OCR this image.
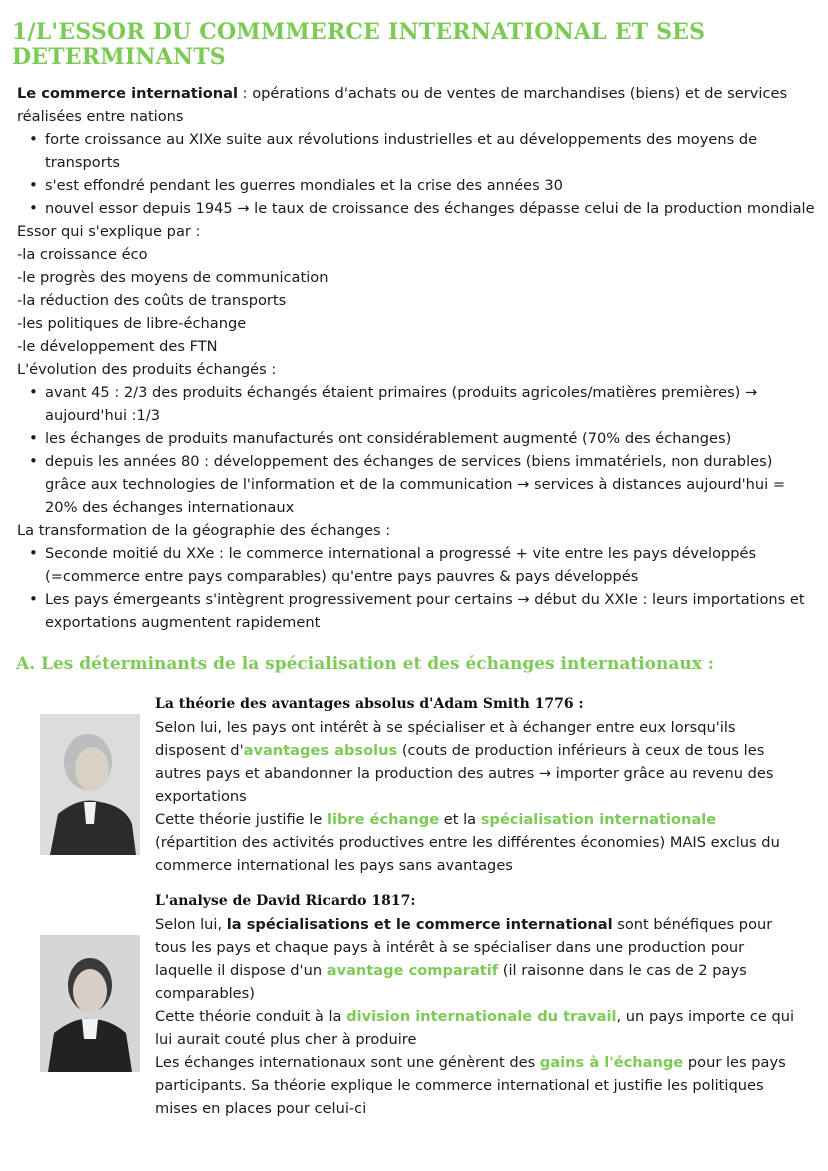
1/L'ESSOR DU COMMMERCE INTERNATIONAL ET SES DETERMINANTS

Le commerce international : opérations d'achats ou de ventes de marchandises (biens) et de services réalisées entre nations

• forte croissance au XIXe suite aux révolutions industrielles et au développements des moyens de transports
• s'est effondré pendant les guerres mondiales et la crise des années 30
• nouvel essor depuis 1945 → le taux de croissance des échanges dépasse celui de la production mondiale

Essor qui s'explique par :

-la croissance éco

-le progrès des moyens de communication

-la réduction des coûts de transports

-les politiques de libre-échange

-le développement des FTN

L'évolution des produits échangés :

• avant 45 : 2/3 des produits échangés étaient primaires (produits agricoles/matières premières) → aujourd'hui :1/3
• les échanges de produits manufacturés ont considérablement augmenté (70% des échanges)
• depuis les années 80 : développement des échanges de services (biens immatériels, non durables) grâce aux technologies de l'information et de la communication → services à distances aujourd'hui = 20% des échanges internationaux

La transformation de la géographie des échanges :

• Seconde moitié du XXe : le commerce international a progressé + vite entre les pays développés (=commerce entre pays comparables) qu'entre pays pauvres & pays développés
• Les pays émergeants s'intègrent progressivement pour certains → début du XXIe : leurs importations et exportations augmentent rapidement
A. Les déterminants de la spécialisation et des échanges internationaux :
La théorie des avantages absolus d'Adam Smith 1776 :

Selon lui, les pays ont intérêt à se spécialiser et à échanger entre eux lorsqu'ils disposent d'avantages absolus (couts de production inférieurs à ceux de tous les autres pays et abandonner la production des autres → importer grâce au revenu des exportations

Cette théorie justifie le libre échange et la spécialisation internationale (répartition des activités productives entre les différentes économies) MAIS exclus du commerce international les pays sans avantages

L'analyse de David Ricardo 1817:

Selon lui, la spécialisations et le commerce international sont bénéfiques pour tous les pays et chaque pays à intérêt à se spécialiser dans une production pour laquelle il dispose d'un avantage comparatif (il raisonne dans le cas de 2 pays comparables)

Cette théorie conduit à la division internationale du travail, un pays importe ce qui lui aurait couté plus cher à produire

Les échanges internationaux sont une génèrent des gains à l'échange pour les pays participants. Sa théorie explique le commerce international et justifie les politiques mises en places pour celui-ci
